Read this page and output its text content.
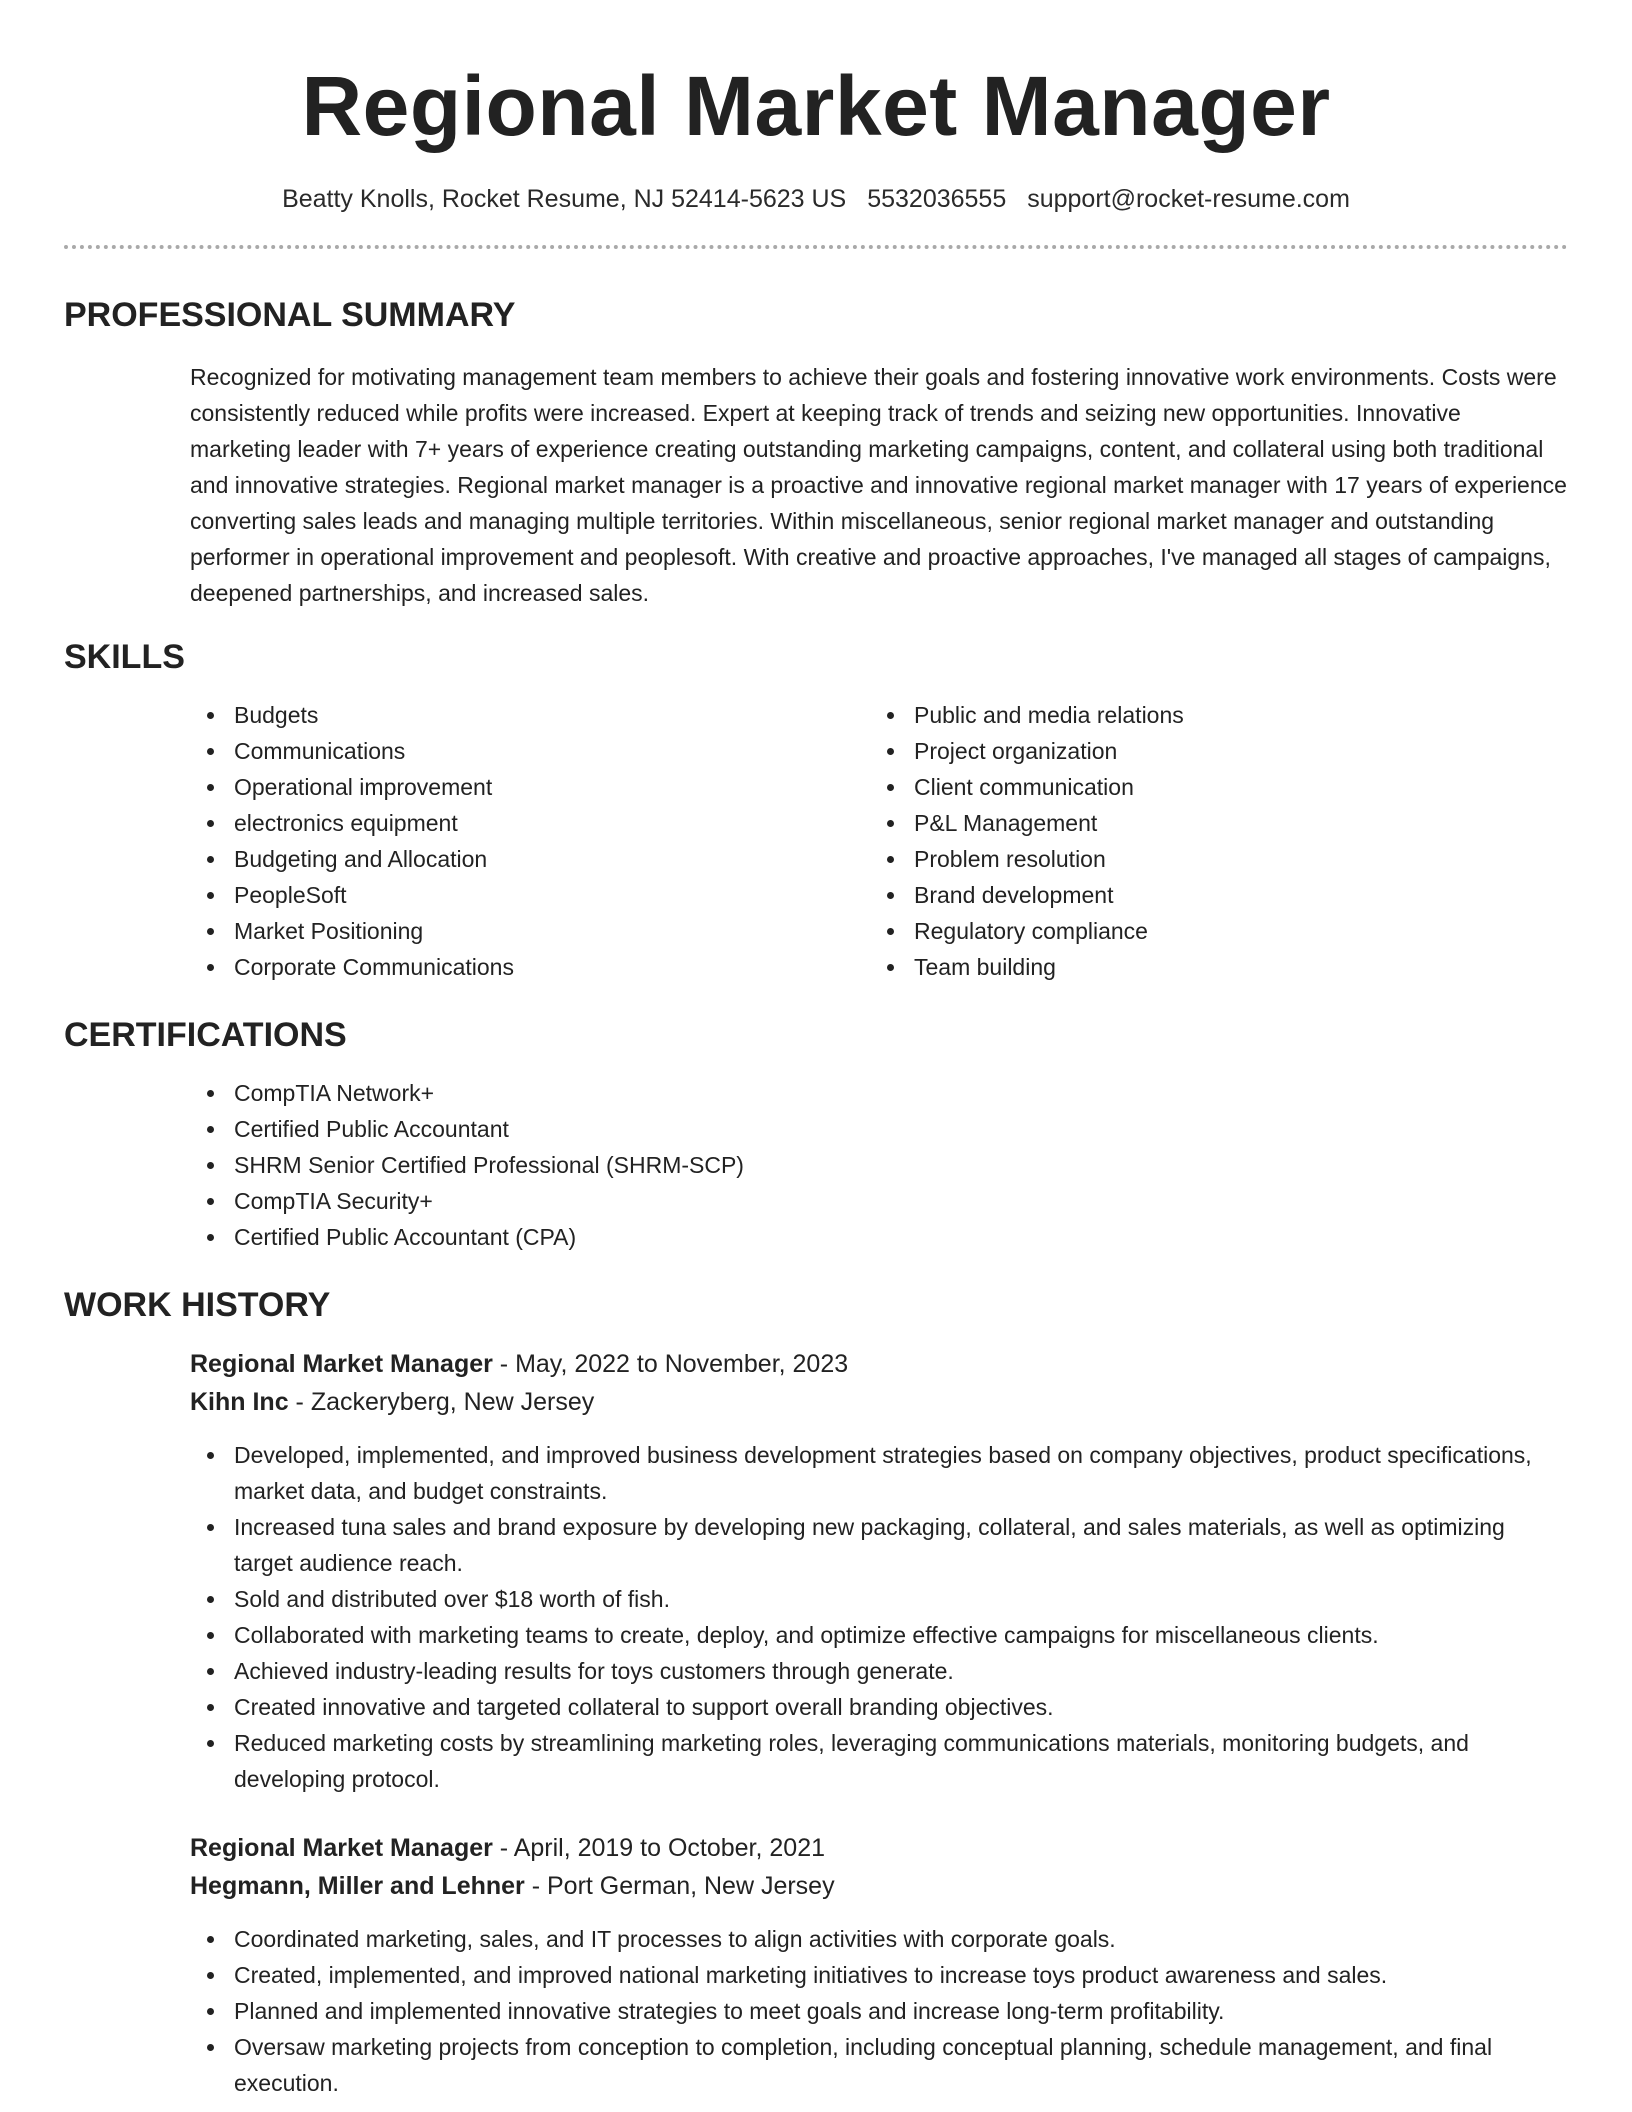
Regional Market Manager
Beatty Knolls, Rocket Resume, NJ 52414-5623 US 5532036555 support@rocket-resume.com
PROFESSIONAL SUMMARY

Recognized for motivating management team members to achieve their goals and fostering innovative work environments. Costs were consistently reduced while profits were increased. Expert at keeping track of trends and seizing new opportunities. Innovative marketing leader with 7+ years of experience creating outstanding marketing campaigns, content, and collateral using both traditional and innovative strategies. Regional market manager is a proactive and innovative regional market manager with 17 years of experience converting sales leads and managing multiple territories. Within miscellaneous, senior regional market manager and outstanding performer in operational improvement and peoplesoft. With creative and proactive approaches, I've managed all stages of campaigns, deepened partnerships, and increased sales.

SKILLS
Budgets
Communications
Operational improvement
electronics equipment
Budgeting and Allocation
PeopleSoft
Market Positioning
Corporate Communications
Public and media relations
Project organization
Client communication
P&L Management
Problem resolution
Brand development
Regulatory compliance
Team building
CERTIFICATIONS
CompTIA Network+
Certified Public Accountant
SHRM Senior Certified Professional (SHRM-SCP)
CompTIA Security+
Certified Public Accountant (CPA)
WORK HISTORY
Regional Market Manager - May, 2022 to November, 2023
Kihn Inc - Zackeryberg, New Jersey
Developed, implemented, and improved business development strategies based on company objectives, product specifications, market data, and budget constraints.
Increased tuna sales and brand exposure by developing new packaging, collateral, and sales materials, as well as optimizing target audience reach.
Sold and distributed over $18 worth of fish.
Collaborated with marketing teams to create, deploy, and optimize effective campaigns for miscellaneous clients.
Achieved industry-leading results for toys customers through generate.
Created innovative and targeted collateral to support overall branding objectives.
Reduced marketing costs by streamlining marketing roles, leveraging communications materials, monitoring budgets, and developing protocol.
Regional Market Manager - April, 2019 to October, 2021
Hegmann, Miller and Lehner - Port German, New Jersey
Coordinated marketing, sales, and IT processes to align activities with corporate goals.
Created, implemented, and improved national marketing initiatives to increase toys product awareness and sales.
Planned and implemented innovative strategies to meet goals and increase long-term profitability.
Oversaw marketing projects from conception to completion, including conceptual planning, schedule management, and final execution.
